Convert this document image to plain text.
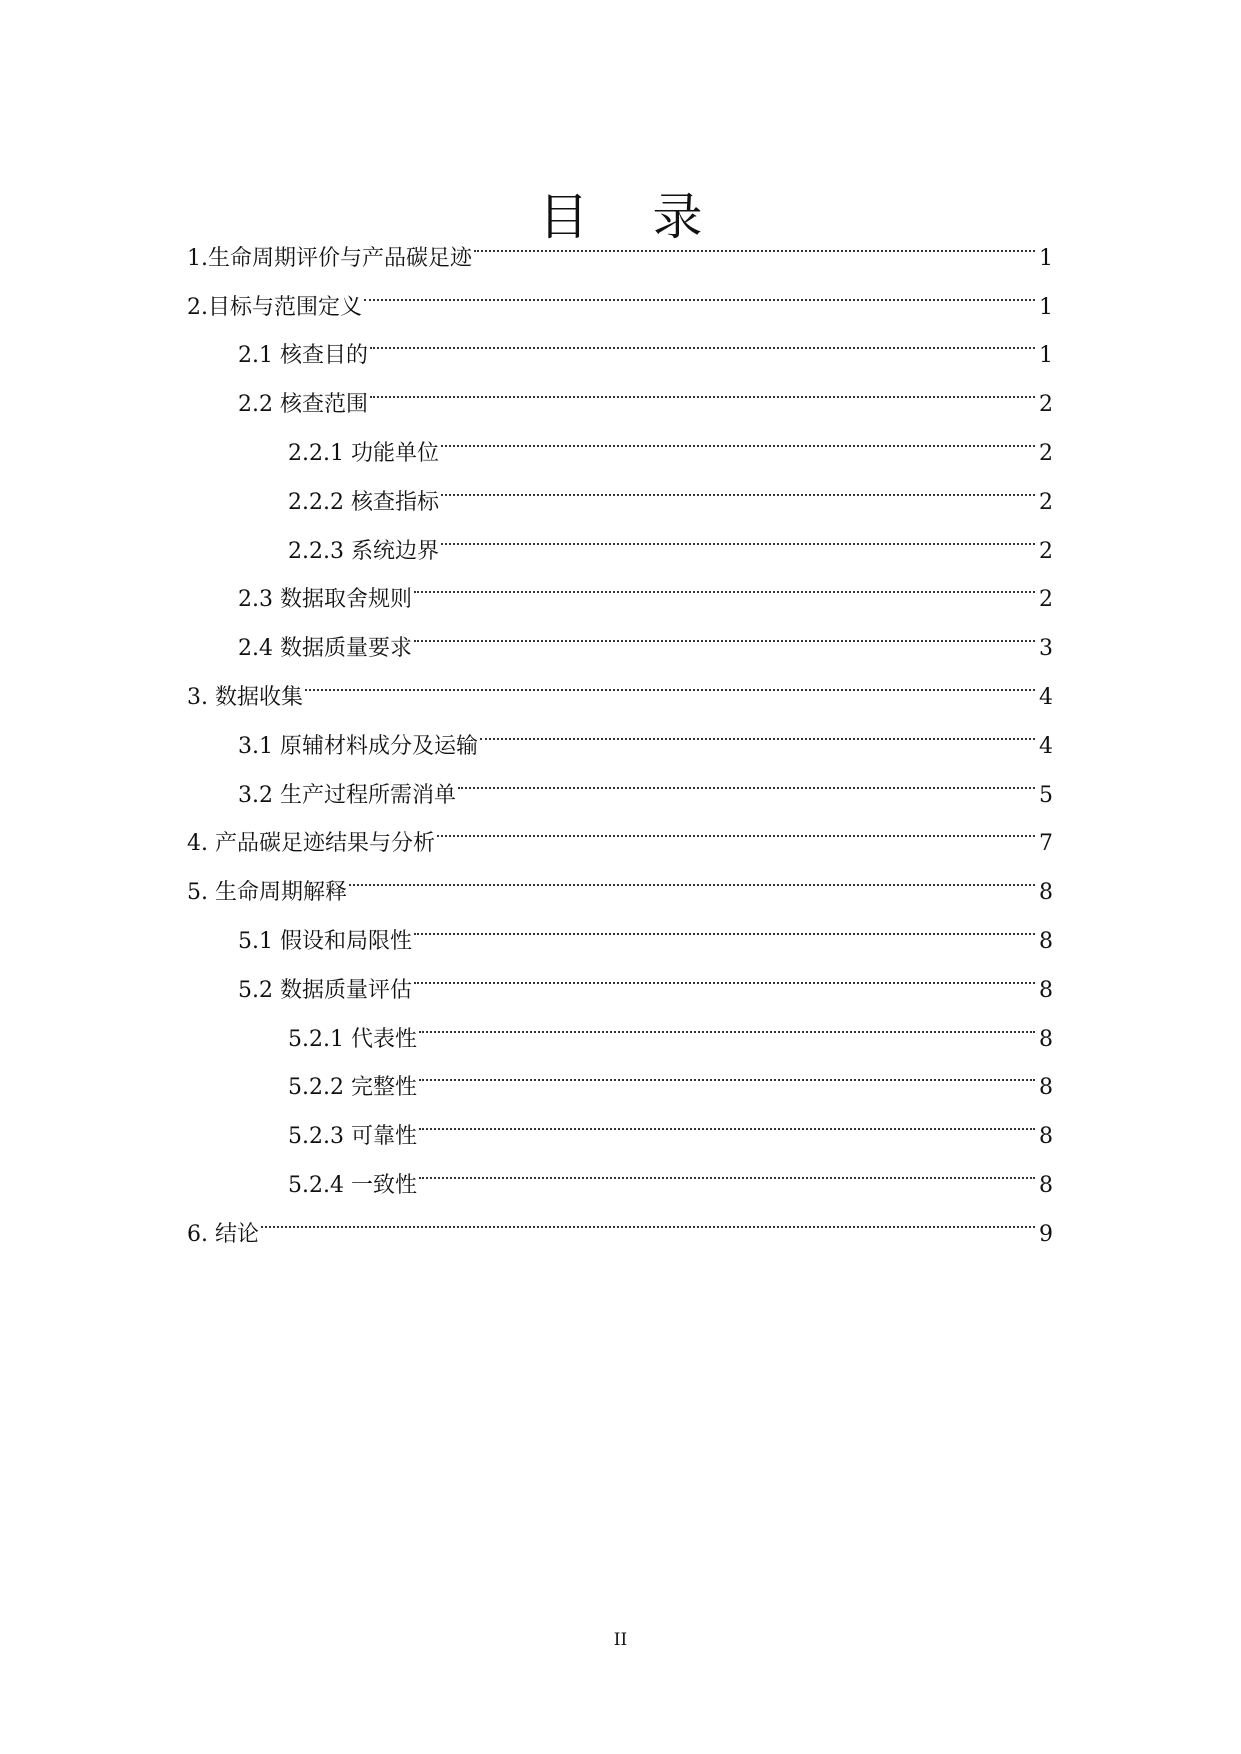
目 录
1.生命周期评价与产品碳足迹	1
2.目标与范围定义	1
2.1 核查目的	1
2.2 核查范围	2
2.2.1 功能单位	2
2.2.2 核查指标	2
2.2.3 系统边界	2
2.3 数据取舍规则	2
2.4 数据质量要求	3
3. 数据收集	4
3.1 原辅材料成分及运输	4
3.2 生产过程所需消单	5
4. 产品碳足迹结果与分析	7
5. 生命周期解释	8
5.1 假设和局限性	8
5.2 数据质量评估	8
5.2.1 代表性	8
5.2.2 完整性	8
5.2.3 可靠性	8
5.2.4 一致性	8
6. 结论	9
II
